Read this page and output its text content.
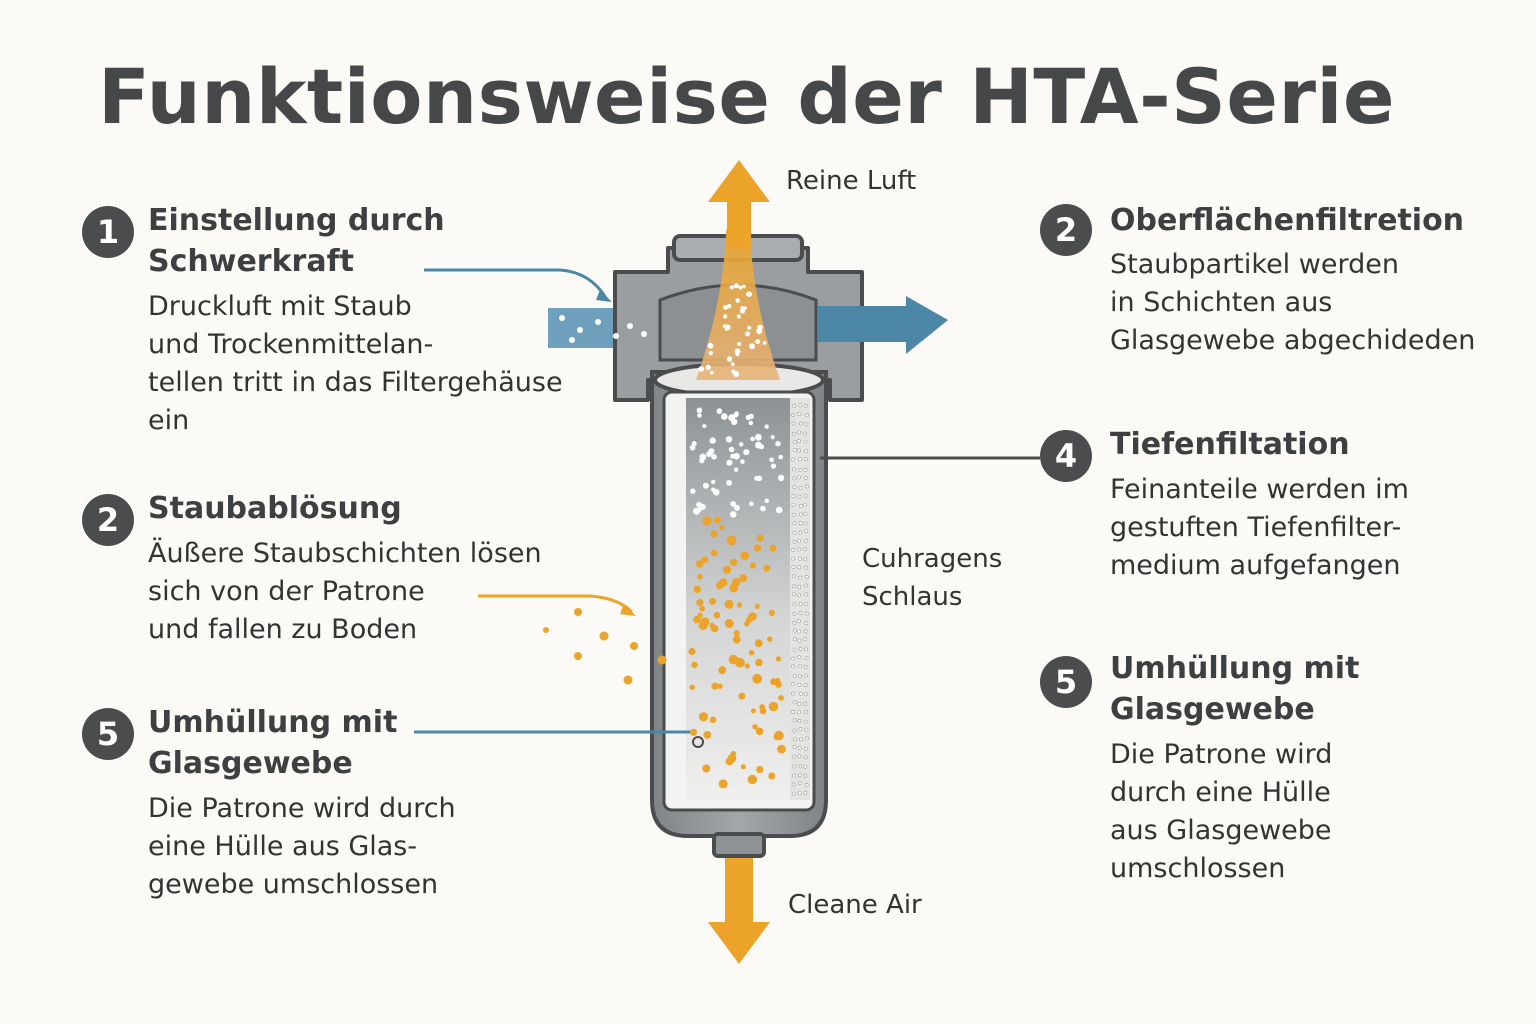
Funktionsweise der HTA-Serie
Reine Luft
Cleane Air
Cuhragens
Schlaus
1 Einstellung durch
Schwerkraft
Druckluft mit Staub
und Trockenmittelan-
tellen tritt in das Filtergehäuse
ein
2 Staubablösung
Äußere Staubschichten lösen
sich von der Patrone
und fallen zu Boden
5 Umhüllung mit
Glasgewebe
Die Patrone wird durch
eine Hülle aus Glas-
gewebe umschlossen
2	Oberflächenfiltretion
Staubpartikel werden
in Schichten aus
Glasgewebe abgechideden
4	Tiefenfiltation
Feinanteile werden im
gestuften Tiefenfilter-
medium aufgefangen
5	Umhüllung mit
Glasgewebe
Die Patrone wird
durch eine Hülle
aus Glasgewebe
umschlossen
